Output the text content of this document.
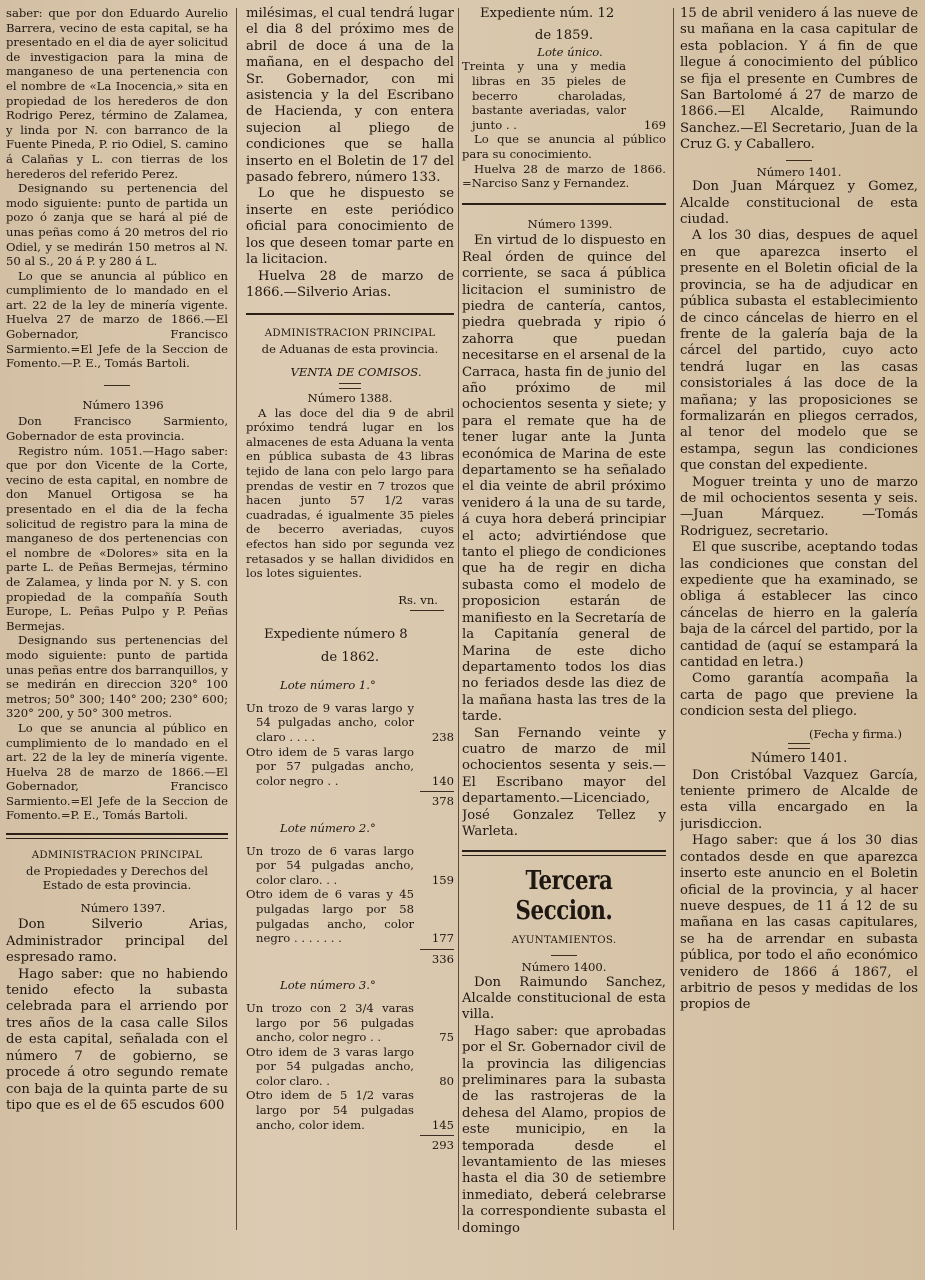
saber: que por don Eduardo Aurelio Barrera, vecino de esta capital, se ha presentado en el dia de ayer solicitud de investigacion para la mina de manganeso de una pertenencia con el nombre de «La Inocencia,» sita en propiedad de los herederos de don Rodrigo Perez, término de Zalamea, y linda por N. con barranco de la Fuente Pineda, P. rio Odiel, S. camino á Calañas y L. con tierras de los herederos del referido Perez.

Designando su pertenencia del modo siguiente: punto de partida un pozo ó zanja que se hará al pié de unas peñas como á 20 metros del rio Odiel, y se medirán 150 metros al N. 50 al S., 20 á P. y 280 á L.

Lo que se anuncia al público en cumplimiento de lo mandado en el art. 22 de la ley de minería vigente. Huelva 27 de marzo de 1866.—El Gobernador, Francisco Sarmiento.=El Jefe de la Seccion de Fomento.—P. E., Tomás Bartoli.

Número 1396

Don Francisco Sarmiento, Gobernador de esta provincia.

Registro núm. 1051.—Hago saber: que por don Vicente de la Corte, vecino de esta capital, en nombre de don Manuel Ortigosa se ha presentado en el dia de la fecha solicitud de registro para la mina de manganeso de dos pertenencias con el nombre de «Dolores» sita en la parte L. de Peñas Bermejas, término de Zalamea, y linda por N. y S. con propiedad de la compañía South Europe, L. Peñas Pulpo y P. Peñas Bermejas.

Designando sus pertenencias del modo siguiente: punto de partida unas peñas entre dos barranquillos, y se medirán en direccion 320° 100 metros; 50° 300; 140° 200; 230° 600; 320° 200, y 50° 300 metros.

Lo que se anuncia al público en cumplimiento de lo mandado en el art. 22 de la ley de minería vigente. Huelva 28 de marzo de 1866.—El Gobernador, Francisco Sarmiento.=El Jefe de la Seccion de Fomento.=P. E., Tomás Bartoli.

ADMINISTRACION PRINCIPAL

de Propiedades y Derechos del Estado de esta provincia.

Número 1397.

Don Silverio Arias, Administrador principal del espresado ramo.

Hago saber: que no habiendo tenido efecto la subasta celebrada para el arriendo por tres años de la casa calle Silos de esta capital, señalada con el número 7 de gobierno, se procede á otro segundo remate con baja de la quinta parte de su tipo que es el de 65 escudos 600

milésimas, el cual tendrá lugar el dia 8 del próximo mes de abril de doce á una de la mañana, en el despacho del Sr. Gobernador, con mi asistencia y la del Escribano de Hacienda, y con entera sujecion al pliego de condiciones que se halla inserto en el Boletin de 17 del pasado febrero, número 133.

Lo que he dispuesto se inserte en este periódico oficial para conocimiento de los que deseen tomar parte en la licitacion.

Huelva 28 de marzo de 1866.—Silverio Arias.

ADMINISTRACION PRINCIPAL

de Aduanas de esta provincia.

VENTA DE COMISOS.

Número 1388.

A las doce del dia 9 de abril próximo tendrá lugar en los almacenes de esta Aduana la venta en pública subasta de 43 libras tejido de lana con pelo largo para prendas de vestir en 7 trozos que hacen junto 57 1/2 varas cuadradas, é igualmente 35 pieles de becerro averiadas, cuyos efectos han sido por segunda vez retasados y se hallan divididos en los lotes siguientes.

Rs. vn.

Expediente número 8

de 1862.

Lote número 1.°

Un trozo de 9 varas largo y 54 pulgadas ancho, color claro . . . .	238
Otro idem de 5 varas largo por 57 pulgadas ancho, color negro . .	140
378

Lote número 2.°

Un trozo de 6 varas largo por 54 pulgadas ancho, color claro. . .	159
Otro idem de 6 varas y 45 pulgadas largo por 58 pulgadas ancho, color negro . . . . . . .	177
336

Lote número 3.°

Un trozo con 2 3/4 varas largo por 56 pulgadas ancho, color negro . .	75
Otro idem de 3 varas largo por 54 pulgadas ancho, color claro. .	80
Otro idem de 5 1/2 varas largo por 54 pulgadas ancho, color idem.	145
293

Expediente núm. 12

de 1859.

Lote único.

Treinta y una y media libras en 35 pieles de becerro charoladas, bastante averiadas, valor junto . .	169

Lo que se anuncia al público para su conocimiento.

Huelva 28 de marzo de 1866. =Narciso Sanz y Fernandez.

Número 1399.

En virtud de lo dispuesto en Real órden de quince del corriente, se saca á pública licitacion el suministro de piedra de cantería, cantos, piedra quebrada y ripio ó zahorra que puedan necesitarse en el arsenal de la Carraca, hasta fin de junio del año próximo de mil ochocientos sesenta y siete; y para el remate que ha de tener lugar ante la Junta económica de Marina de este departamento se ha señalado el dia veinte de abril próximo venidero á la una de su tarde, á cuya hora deberá principiar el acto; advirtiéndose que tanto el pliego de condiciones que ha de regir en dicha subasta como el modelo de proposicion estarán de manifiesto en la Secretaría de la Capitanía general de Marina de este dicho departamento todos los dias no feriados desde las diez de la mañana hasta las tres de la tarde.

San Fernando veinte y cuatro de marzo de mil ochocientos sesenta y seis.—El Escribano mayor del departamento.—Licenciado, José Gonzalez Tellez y Warleta.

Tercera Seccion.

AYUNTAMIENTOS.

Número 1400.

Don Raimundo Sanchez, Alcalde constitucional de esta villa.

Hago saber: que aprobadas por el Sr. Gobernador civil de la provincia las diligencias preliminares para la subasta de las rastrojeras de la dehesa del Alamo, propios de este municipio, en la temporada desde el levantamiento de las mieses hasta el dia 30 de setiembre inmediato, deberá celebrarse la correspondiente subasta el domingo

15 de abril venidero á las nueve de su mañana en la casa capitular de esta poblacion. Y á fin de que llegue á conocimiento del público se fija el presente en Cumbres de San Bartolomé á 27 de marzo de 1866.—El Alcalde, Raimundo Sanchez.—El Secretario, Juan de la Cruz G. y Caballero.

Número 1401.

Don Juan Márquez y Gomez, Alcalde constitucional de esta ciudad.

A los 30 dias, despues de aquel en que aparezca inserto el presente en el Boletin oficial de la provincia, se ha de adjudicar en pública subasta el establecimiento de cinco cáncelas de hierro en el frente de la galería baja de la cárcel del partido, cuyo acto tendrá lugar en las casas consistoriales á las doce de la mañana; y las proposiciones se formalizarán en pliegos cerrados, al tenor del modelo que se estampa, segun las condiciones que constan del expediente.

Moguer treinta y uno de marzo de mil ochocientos sesenta y seis.—Juan Márquez. —Tomás Rodriguez, secretario.

El que suscribe, aceptando todas las condiciones que constan del expediente que ha examinado, se obliga á establecer las cinco cáncelas de hierro en la galería baja de la cárcel del partido, por la cantidad de (aquí se estampará la cantidad en letra.)

Como garantía acompaña la carta de pago que previene la condicion sesta del pliego.

(Fecha y firma.)

Número 1401.

Don Cristóbal Vazquez García, teniente primero de Alcalde de esta villa encargado en la jurisdiccion.

Hago saber: que á los 30 dias contados desde en que aparezca inserto este anuncio en el Boletin oficial de la provincia, y al hacer nueve despues, de 11 á 12 de su mañana en las casas capitulares, se ha de arrendar en subasta pública, por todo el año económico venidero de 1866 á 1867, el arbitrio de pesos y medidas de los propios de
